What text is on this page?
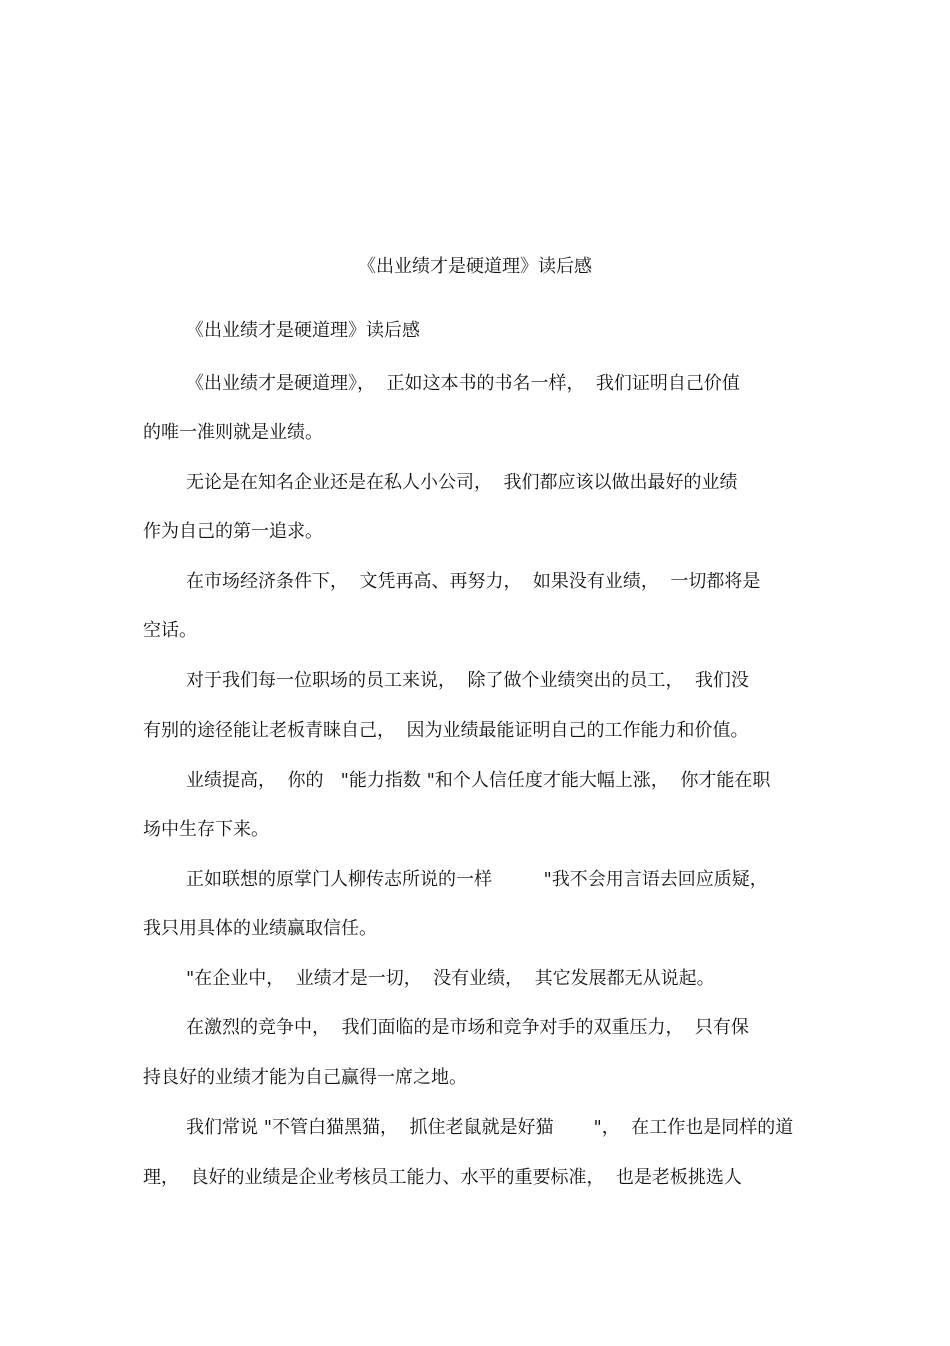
《出业绩才是硬道理》读后感
《出业绩才是硬道理》读后感
《出业绩才是硬道理》，  正如这本书的书名一样，  我们证明自己价值
的唯一准则就是业绩。
无论是在知名企业还是在私人小公司，  我们都应该以做出最好的业绩
作为自己的第一追求。
在市场经济条件下，  文凭再高、再努力，  如果没有业绩，  一切都将是
空话。
对于我们每一位职场的员工来说，  除了做个业绩突出的员工，  我们没
有别的途径能让老板青睐自己，  因为业绩最能证明自己的工作能力和价值。
业绩提高，  你的   "能力指数 "和个人信任度才能大幅上涨，  你才能在职
场中生存下来。
正如联想的原掌门人柳传志所说的一样         "我不会用言语去回应质疑，
我只用具体的业绩赢取信任。
"在企业中，  业绩才是一切，  没有业绩，  其它发展都无从说起。
在激烈的竞争中，  我们面临的是市场和竞争对手的双重压力，  只有保
持良好的业绩才能为自己赢得一席之地。
我们常说 "不管白猫黑猫，  抓住老鼠就是好猫       "，  在工作也是同样的道
理，  良好的业绩是企业考核员工能力、水平的重要标准，  也是老板挑选人
